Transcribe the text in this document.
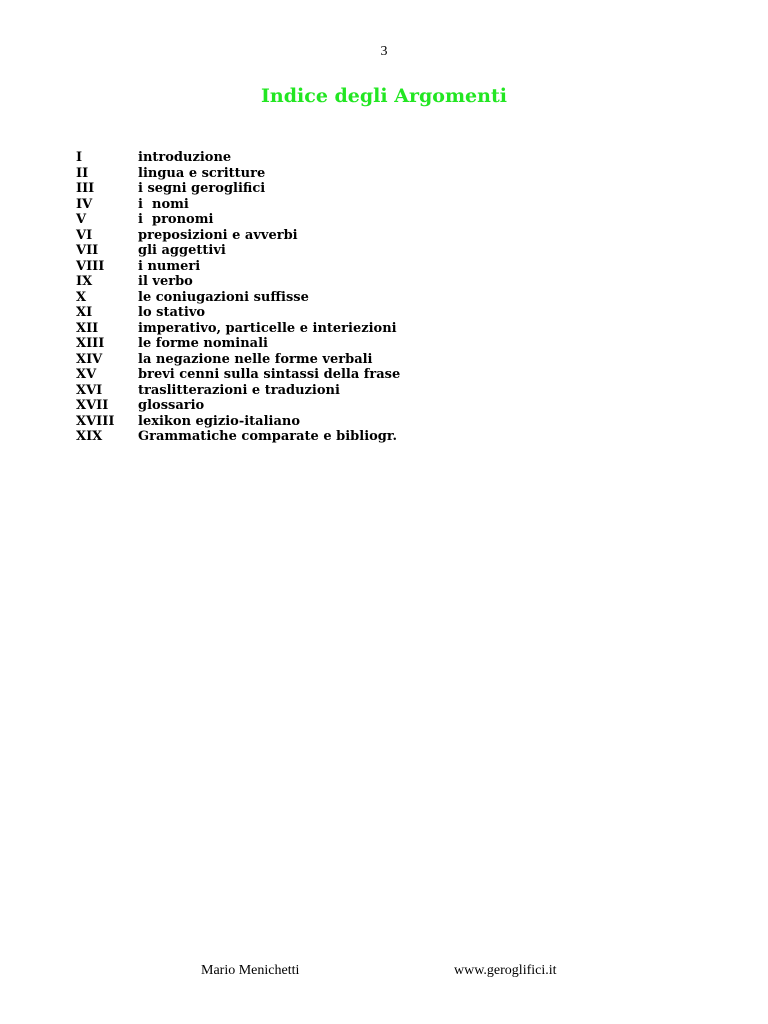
3
Indice degli Argomenti
I	introduzione
II	lingua e scritture
III	i segni geroglifici
IV	i  nomi
V	i  pronomi
VI	preposizioni e avverbi
VII	gli aggettivi
VIII	i numeri
IX	il verbo
X	le coniugazioni suffisse
XI	lo stativo
XII	imperativo, particelle e interiezioni
XIII	le forme nominali
XIV	la negazione nelle forme verbali
XV	brevi cenni sulla sintassi della frase
XVI	traslitterazioni e traduzioni
XVII	glossario
XVIII	lexikon egizio-italiano
XIX	Grammatiche comparate e bibliogr.
Mario Menichetti	www.geroglifici.it
